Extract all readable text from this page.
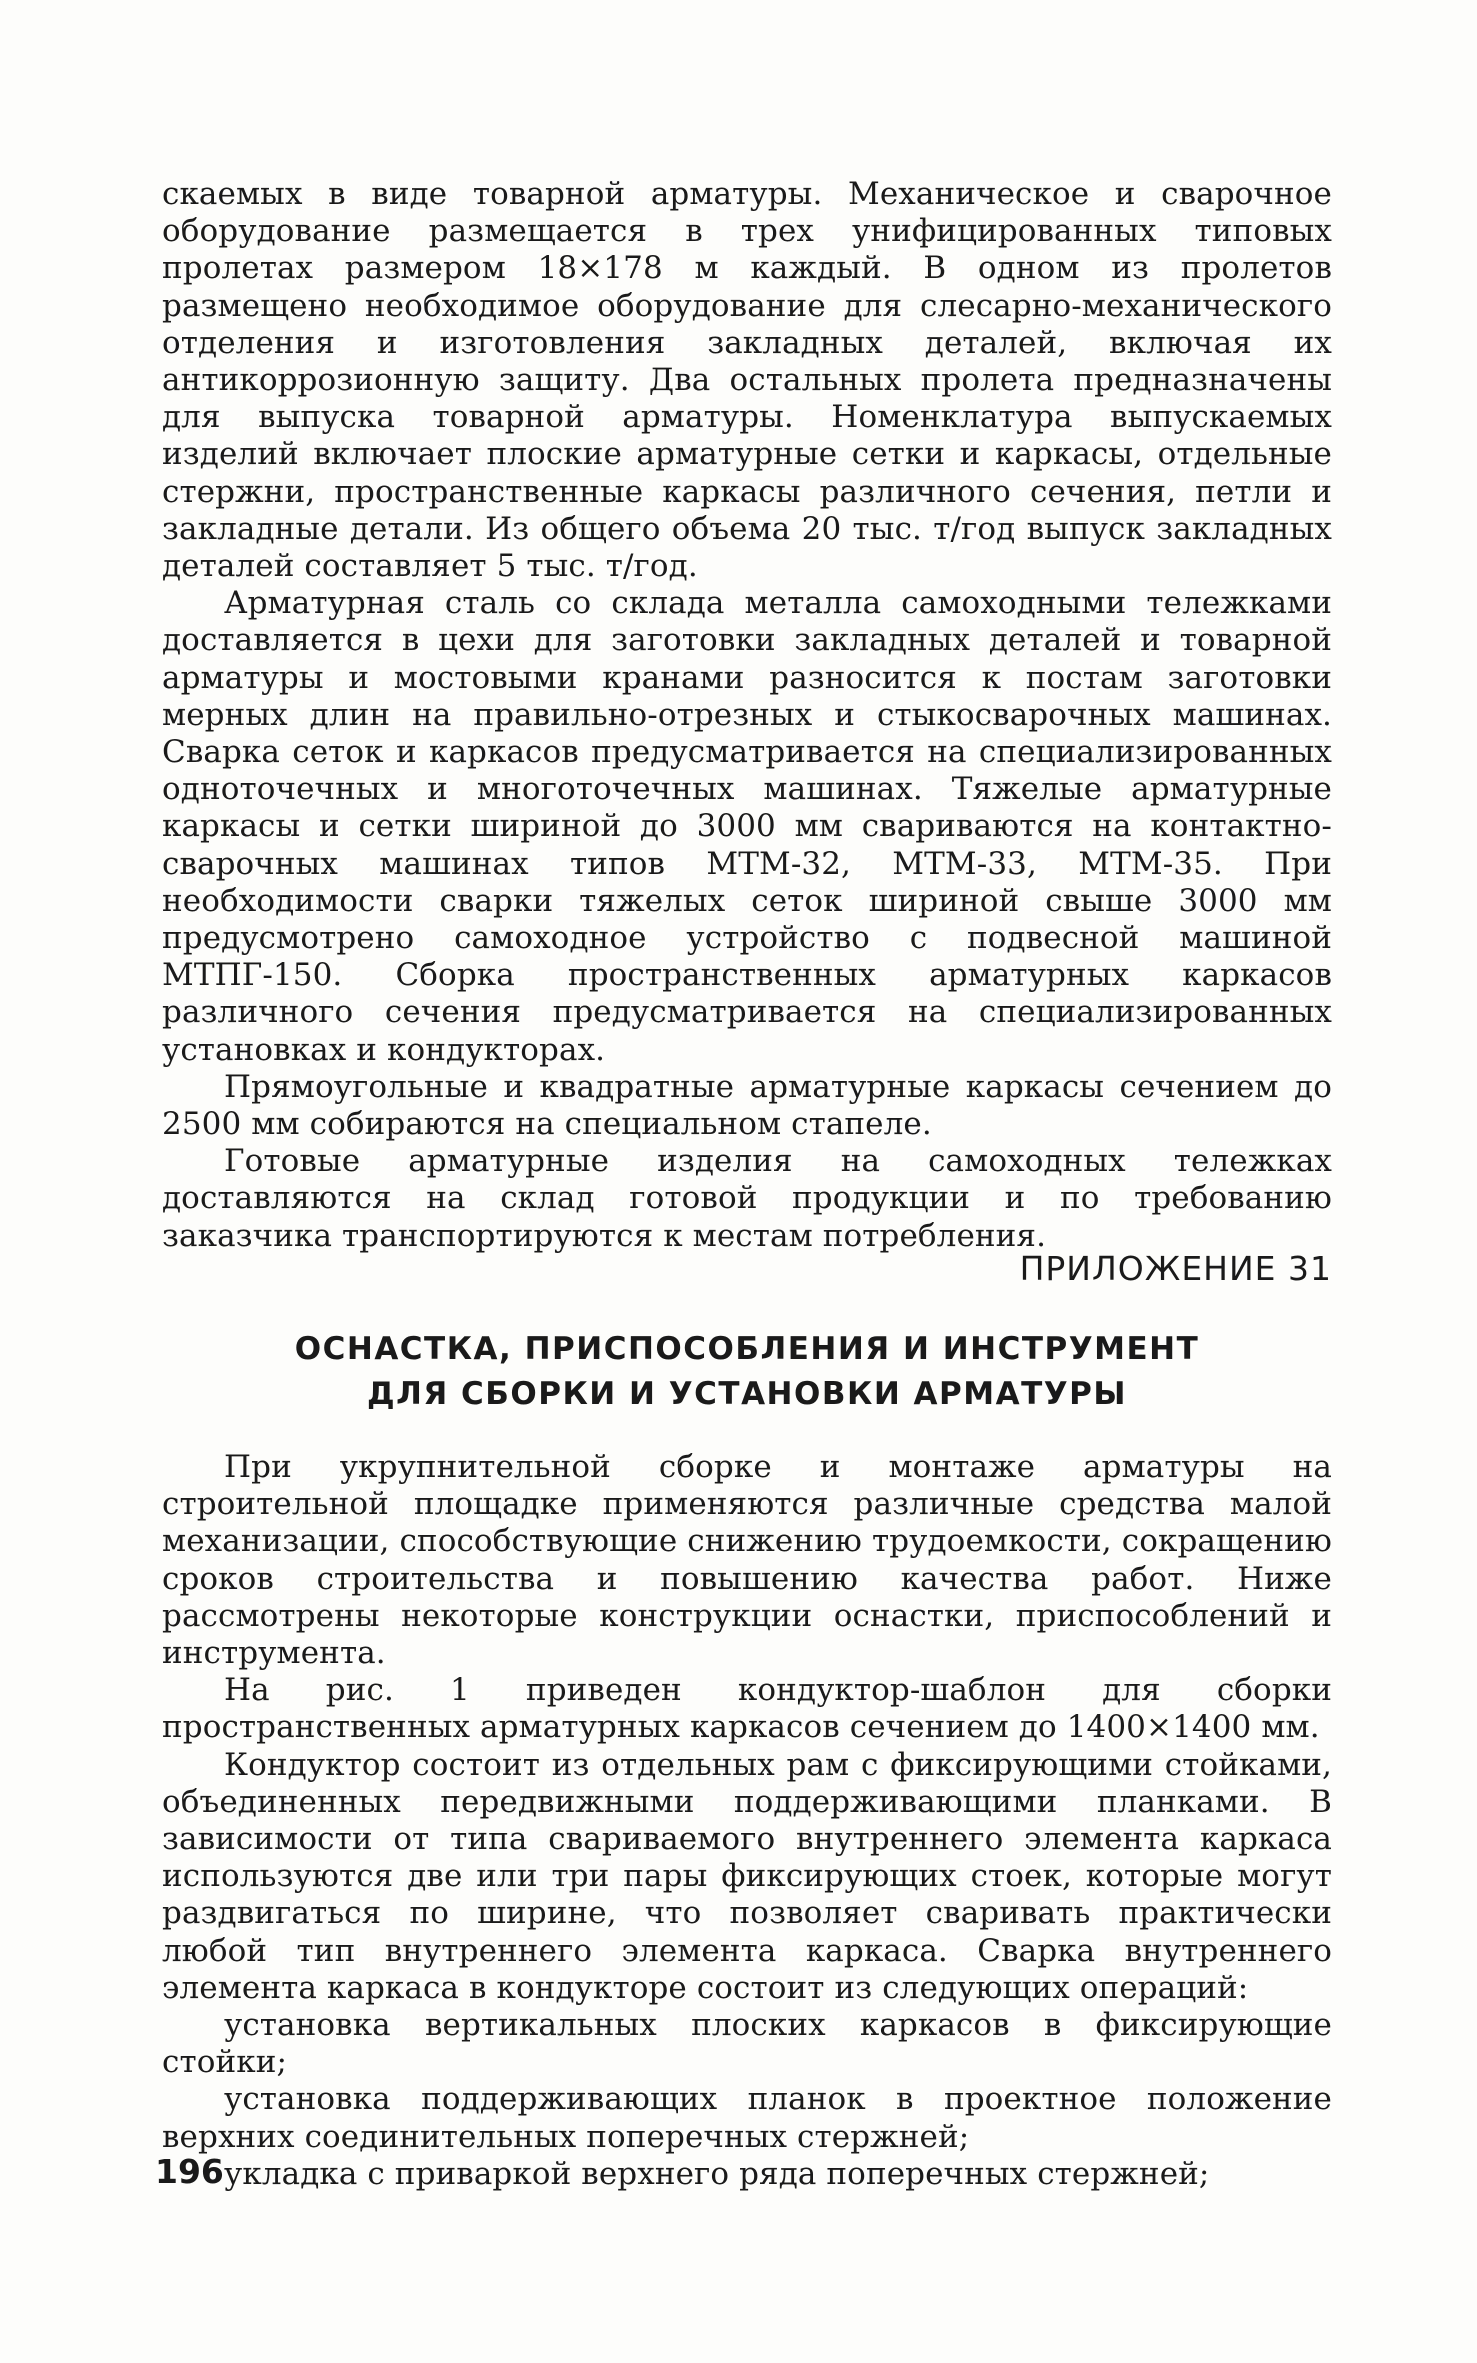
скаемых в виде товарной арматуры. Механическое и сварочное оборудование размещается в трех унифицированных типовых пролетах размером 18×178 м каждый. В одном из пролетов размещено необходимое оборудование для слесарно-механического отделения и изготовления закладных деталей, включая их антикоррозионную защиту. Два остальных пролета предназначены для выпуска товарной арматуры. Номенклатура выпускаемых изделий включает плоские арматурные сетки и каркасы, отдельные стержни, пространственные каркасы различного сечения, петли и закладные детали. Из общего объема 20 тыс. т/год выпуск закладных деталей составляет 5 тыс. т/год.

Арматурная сталь со склада металла самоходными тележками доставляется в цехи для заготовки закладных деталей и товарной арматуры и мостовыми кранами разносится к постам заготовки мерных длин на правильно-отрезных и стыкосварочных машинах. Сварка сеток и каркасов предусматривается на специализированных одноточечных и многоточечных машинах. Тяжелые арматурные каркасы и сетки шириной до 3000 мм свариваются на контактно-сварочных машинах типов МТМ-32, МТМ-33, МТМ-35. При необходимости сварки тяжелых сеток шириной свыше 3000 мм предусмотрено самоходное устройство с подвесной машиной МТПГ-150. Сборка пространственных арматурных каркасов различного сечения предусматривается на специализированных установках и кондукторах.

Прямоугольные и квадратные арматурные каркасы сечением до 2500 мм собираются на специальном стапеле.

Готовые арматурные изделия на самоходных тележках доставляются на склад готовой продукции и по требованию заказчика транспортируются к местам потребления.

ПРИЛОЖЕНИЕ 31
ОСНАСТКА, ПРИСПОСОБЛЕНИЯ И ИНСТРУМЕНТ
ДЛЯ СБОРКИ И УСТАНОВКИ АРМАТУРЫ

При укрупнительной сборке и монтаже арматуры на строительной площадке применяются различные средства малой механизации, способствующие снижению трудоемкости, сокращению сроков строительства и повышению качества работ. Ниже рассмотрены некоторые конструкции оснастки, приспособлений и инструмента.

На рис. 1 приведен кондуктор-шаблон для сборки пространственных арматурных каркасов сечением до 1400×1400 мм.

Кондуктор состоит из отдельных рам с фиксирующими стойками, объединенных передвижными поддерживающими планками. В зависимости от типа свариваемого внутреннего элемента каркаса используются две или три пары фиксирующих стоек, которые могут раздвигаться по ширине, что позволяет сваривать практически любой тип внутреннего элемента каркаса. Сварка внутреннего элемента каркаса в кондукторе состоит из следующих операций:

установка вертикальных плоских каркасов в фиксирующие стойки;

установка поддерживающих планок в проектное положение верхних соединительных поперечных стержней;

укладка с приваркой верхнего ряда поперечных стержней;

196
